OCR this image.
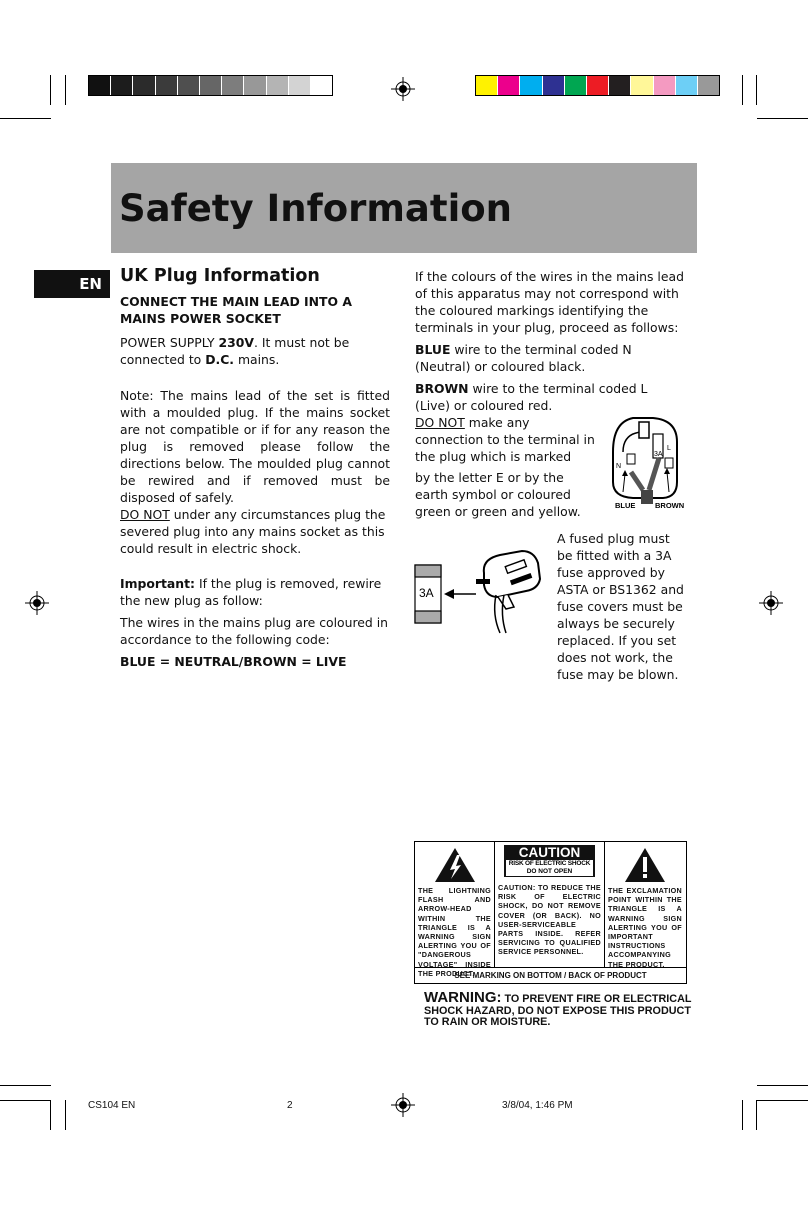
Safety Information
EN UK Plug Information

CONNECT THE MAIN LEAD INTO A MAINS POWER SOCKET

POWER SUPPLY 230V. It must not be connected to D.C. mains.

Note: The mains lead of the set is fitted with a moulded plug. If the mains socket are not compatible or if for any reason the plug is removed please follow the directions below. The moulded plug cannot be rewired and if removed must be disposed of safely.

DO NOT under any circumstances plug the severed plug into any mains socket as this could result in electric shock.

Important: If the plug is removed, rewire the new plug as follow:

The wires in the mains plug are coloured in accordance to the following code:

BLUE = NEUTRAL/BROWN = LIVE

If the colours of the wires in the mains lead of this apparatus may not correspond with the coloured markings identifying the terminals in your plug, proceed as follows:

BLUE wire to the terminal coded N (Neutral) or coloured black.

BROWN wire to the terminal coded L (Live) or coloured red.

DO NOT make any connection to the terminal in the plug which is marked

by the letter E or by the earth symbol or coloured green or green and yellow.

N
L
3A
BLUE	BROWN
3A
A fused plug must be fitted with a 3A fuse approved by ASTA or BS1362 and fuse covers must be always be securely replaced. If you set does not work, the fuse may be blown.
THE LIGHTNING FLASH AND ARROW-HEAD WITHIN THE TRIANGLE IS A WARNING SIGN ALERTING YOU OF "DANGEROUS VOLTAGE" INSIDE THE PRODUCT.
CAUTION
RISK OF ELECTRIC SHOCK
DO NOT OPEN
CAUTION: TO REDUCE THE RISK OF ELECTRIC SHOCK, DO NOT REMOVE COVER (OR BACK). NO USER-SERVICEABLE PARTS INSIDE. REFER SERVICING TO QUALIFIED SERVICE PERSONNEL.
THE EXCLAMATION POINT WITHIN THE TRIANGLE IS A WARNING SIGN ALERTING YOU OF IMPORTANT INSTRUCTIONS ACCOMPANYING THE PRODUCT.
SEE MARKING ON BOTTOM / BACK OF PRODUCT
WARNING: TO PREVENT FIRE OR ELECTRICAL
SHOCK HAZARD, DO NOT EXPOSE THIS PRODUCT
TO RAIN OR MOISTURE.
CS104 EN	2	3/8/04, 1:46 PM
